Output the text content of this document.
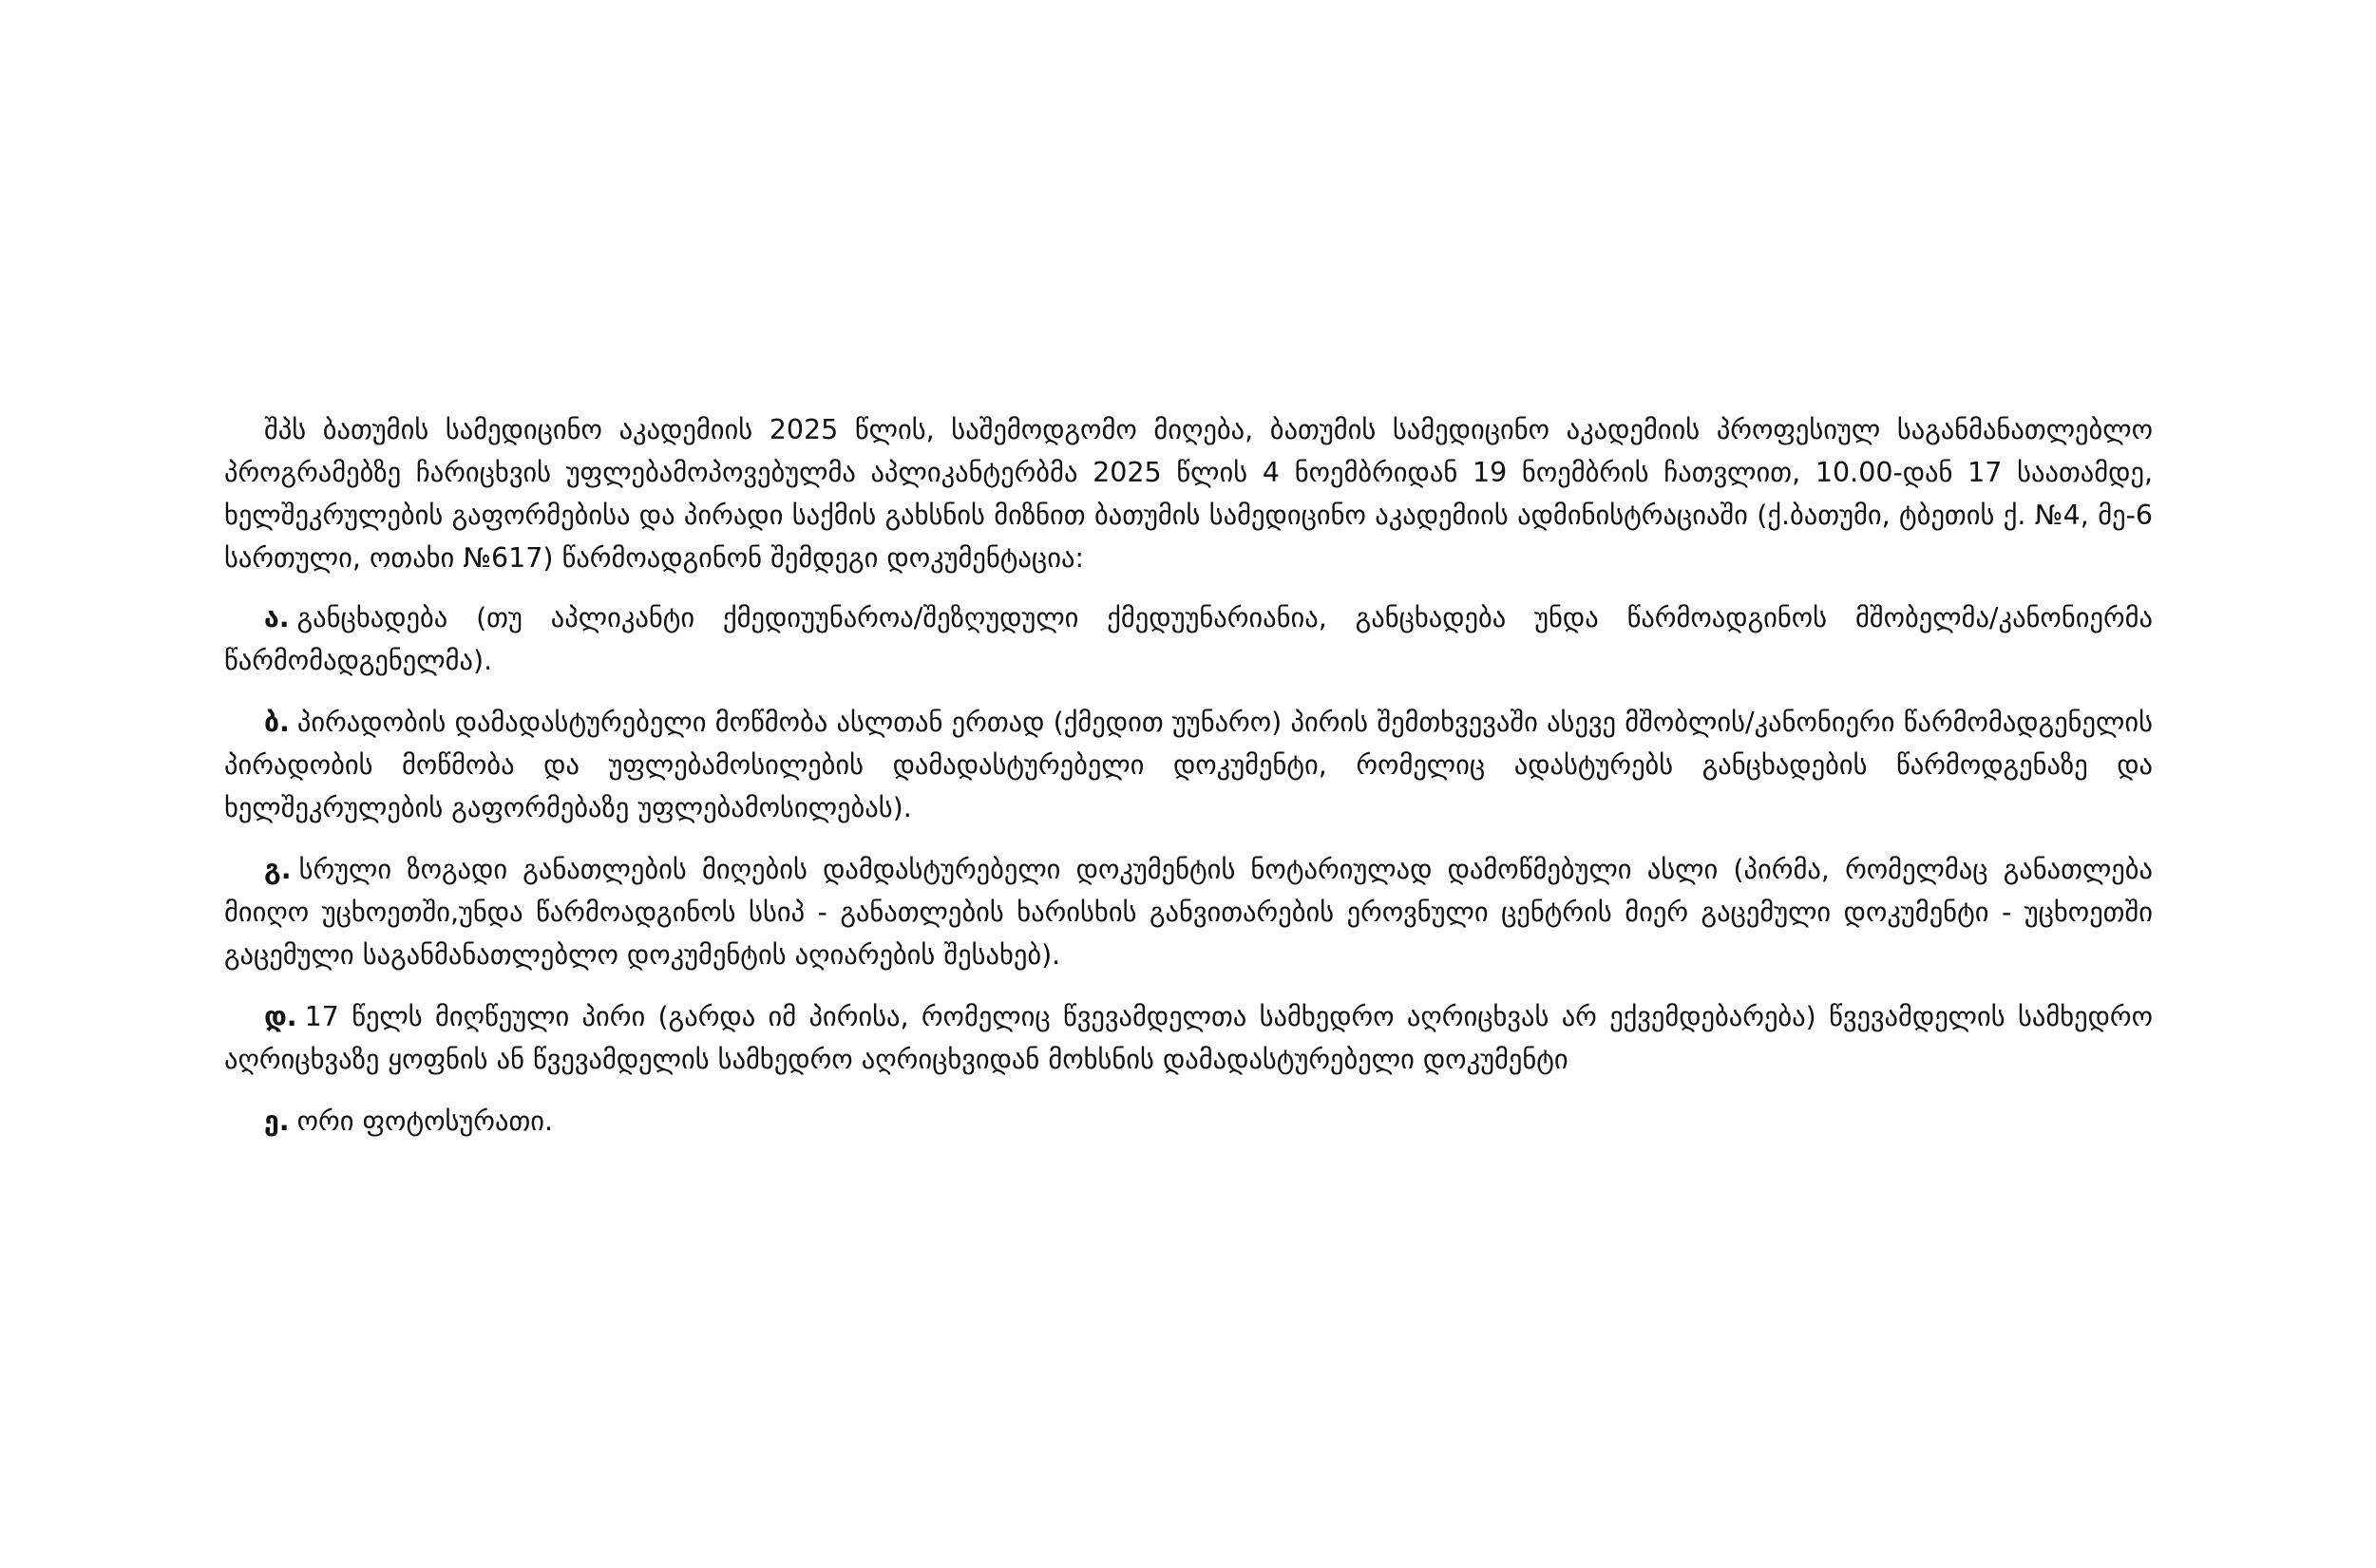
შპს ბათუმის სამედიცინო აკადემიის 2025 წლის, საშემოდგომო მიღება, ბათუმის სამედიცინო აკადემიის პროფესიულ საგანმანათლებლო პროგრამებზე ჩარიცხვის უფლებამოპოვებულმა აპლიკანტერბმა 2025 წლის 4 ნოემბრიდან 19 ნოემბრის ჩათვლით, 10.00-დან 17 საათამდე, ხელშეკრულების გაფორმებისა და პირადი საქმის გახსნის მიზნით ბათუმის სამედიცინო აკადემიის ადმინისტრაციაში (ქ.ბათუმი, ტბეთის ქ. №4, მე-6 სართული, ოთახი №617) წარმოადგინონ შემდეგი დოკუმენტაცია:

ა. განცხადება (თუ აპლიკანტი ქმედიუუნაროა/შეზღუდული ქმედუუნარიანია, განცხადება უნდა წარმოადგინოს მშობელმა/კანონიერმა წარმომადგენელმა).

ბ. პირადობის დამადასტურებელი მოწმობა ასლთან ერთად (ქმედით უუნარო) პირის შემთხვევაში ასევე მშობლის/კანონიერი წარმომადგენელის პირადობის მოწმობა და უფლებამოსილების დამადასტურებელი დოკუმენტი, რომელიც ადასტურებს განცხადების წარმოდგენაზე და ხელშეკრულების გაფორმებაზე უფლებამოსილებას).

გ. სრული ზოგადი განათლების მიღების დამდასტურებელი დოკუმენტის ნოტარიულად დამოწმებული ასლი (პირმა, რომელმაც განათლება მიიღო უცხოეთში,უნდა წარმოადგინოს სსიპ - განათლების ხარისხის განვითარების ეროვნული ცენტრის მიერ გაცემული დოკუმენტი - უცხოეთში გაცემული საგანმანათლებლო დოკუმენტის აღიარების შესახებ).

დ. 17 წელს მიღწეული პირი (გარდა იმ პირისა, რომელიც წვევამდელთა სამხედრო აღრიცხვას არ ექვემდებარება) წვევამდელის სამხედრო აღრიცხვაზე ყოფნის ან წვევამდელის სამხედრო აღრიცხვიდან მოხსნის დამადასტურებელი დოკუმენტი

ე. ორი ფოტოსურათი.
